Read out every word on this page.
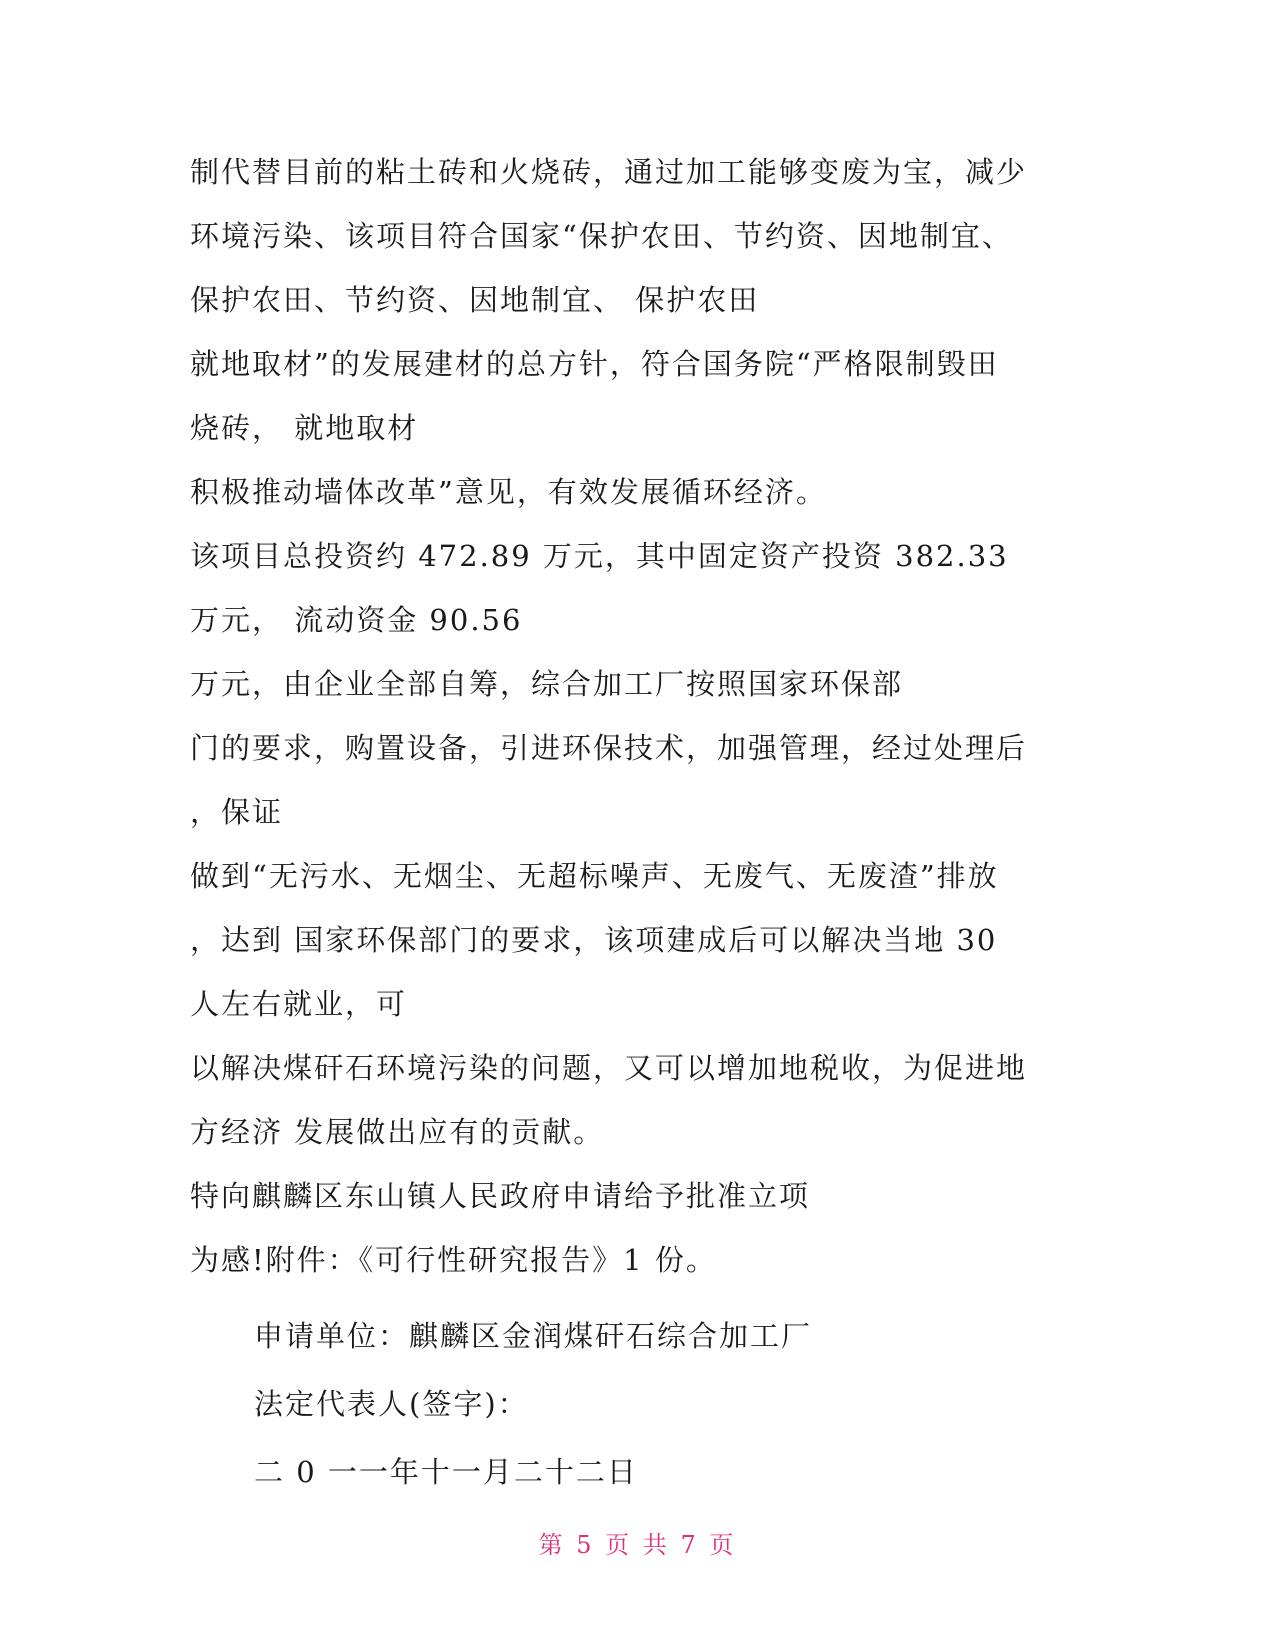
制代替目前的粘土砖和火烧砖，通过加工能够变废为宝，减少
环境污染、该项目符合国家“保护农田、节约资、因地制宜、
保护农田、节约资、因地制宜、 保护农田
就地取材”的发展建材的总方针，符合国务院“严格限制毁田
烧砖， 就地取材
积极推动墙体改革”意见，有效发展循环经济。
该项目总投资约 472.89 万元，其中固定资产投资 382.33
万元， 流动资金 90.56
万元，由企业全部自筹，综合加工厂按照国家环保部
门的要求，购置设备，引进环保技术，加强管理，经过处理后
，保证
做到“无污水、无烟尘、无超标噪声、无废气、无废渣”排放
，达到 国家环保部门的要求，该项建成后可以解决当地 30
人左右就业，可
以解决煤矸石环境污染的问题，又可以增加地税收，为促进地
方经济 发展做出应有的贡献。
特向麒麟区东山镇人民政府申请给予批准立项
为感!附件：《可行性研究报告》1 份。
申请单位：麒麟区金润煤矸石综合加工厂
法定代表人(签字)：
二 0 一一年十一月二十二日
第 5 页 共 7 页
